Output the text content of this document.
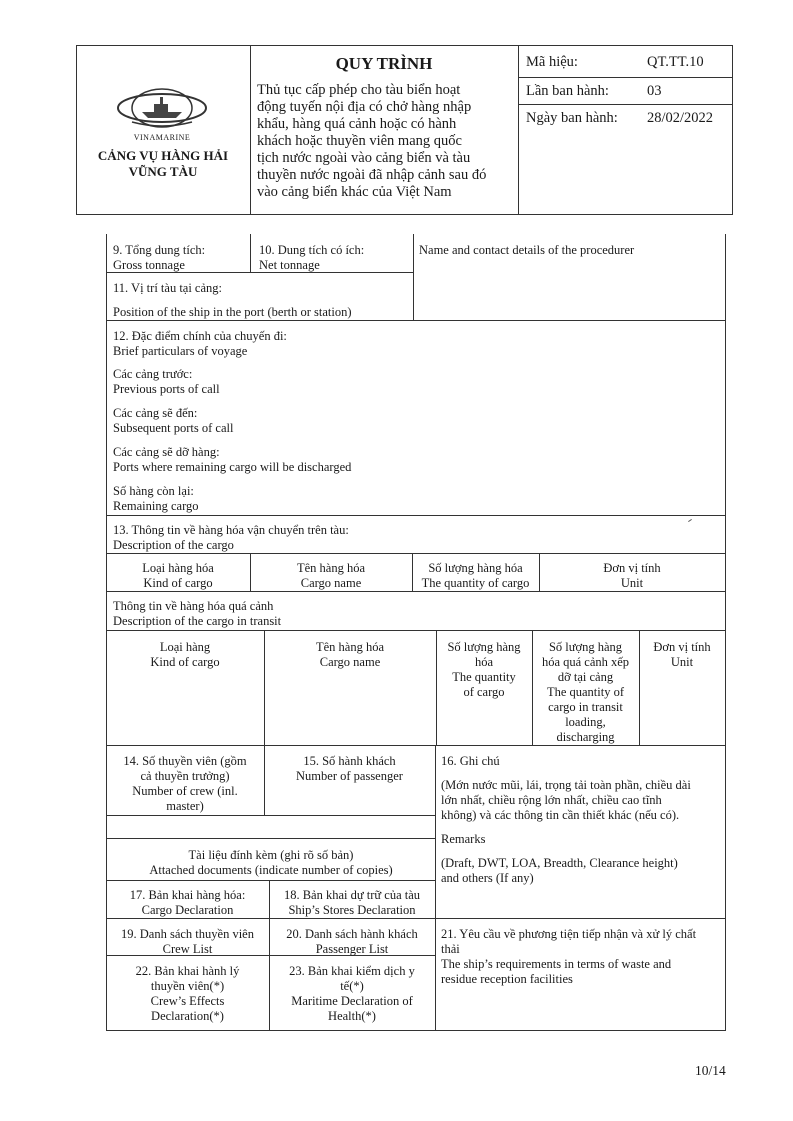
VINAMARINE
CẢNG VỤ HÀNG HẢI
VŨNG TÀU
QUY TRÌNH
Thủ tục cấp phép cho tàu biển hoạt
động tuyến nội địa có chở hàng nhập
khẩu, hàng quá cảnh hoặc có hành
khách hoặc thuyền viên mang quốc
tịch nước ngoài vào cảng biển và tàu
thuyền nước ngoài đã nhập cảnh sau đó
vào cảng biển khác của Việt Nam
Mã hiệu:	QT.TT.10
Lần ban hành:	03
Ngày ban hành: 28/02/2022
9. Tổng dung tích:
Gross tonnage
10. Dung tích có ích:
Net tonnage
Name and contact details of the procedurer
11. Vị trí tàu tại cảng:
Position of the ship in the port (berth or station)
12. Đặc điểm chính của chuyến đi:
Brief particulars of voyage
Các cảng trước:
Previous ports of call
Các cảng sẽ đến:
Subsequent ports of call
Các cảng sẽ dỡ hàng:
Ports where remaining cargo will be discharged
Số hàng còn lại:
Remaining cargo
13. Thông tin về hàng hóa vận chuyển trên tàu:
Description of the cargo
Loại hàng hóa
Kind of cargo
Tên hàng hóa
Cargo name
Số lượng hàng hóa
The quantity of cargo
Đơn vị tính
Unit
Thông tin về hàng hóa quá cảnh
Description of the cargo in transit
Loại hàng
Kind of cargo
Tên hàng hóa
Cargo name
Số lượng hàng
hóa
The quantity
of cargo
Số lượng hàng
hóa quá cảnh xếp
dỡ tại cảng
The quantity of
cargo in transit
loading,
discharging
Đơn vị tính
Unit
14. Số thuyền viên (gồm
cả thuyền trưởng)
Number of crew (inl.
master)
15. Số hành khách
Number of passenger
16. Ghi chú
(Mớn nước mũi, lái, trọng tải toàn phần, chiều dài
lớn nhất, chiều rộng lớn nhất, chiều cao tĩnh
không) và các thông tin cần thiết khác (nếu có).
Remarks
(Draft, DWT, LOA, Breadth, Clearance height)
and others (If any)
Tài liệu đính kèm (ghi rõ số bản)
Attached documents (indicate number of copies)
17. Bản khai hàng hóa:
Cargo Declaration
18. Bản khai dự trữ của tàu
Ship’s Stores Declaration
19. Danh sách thuyền viên
Crew List
20. Danh sách hành khách
Passenger List
21. Yêu cầu về phương tiện tiếp nhận và xử lý chất
thải
The ship’s requirements in terms of waste and
residue reception facilities
22. Bản khai hành lý
thuyền viên(*)
Crew’s Effects
Declaration(*)
23. Bản khai kiểm dịch y
tế(*)
Maritime Declaration of
Health(*)
10/14
